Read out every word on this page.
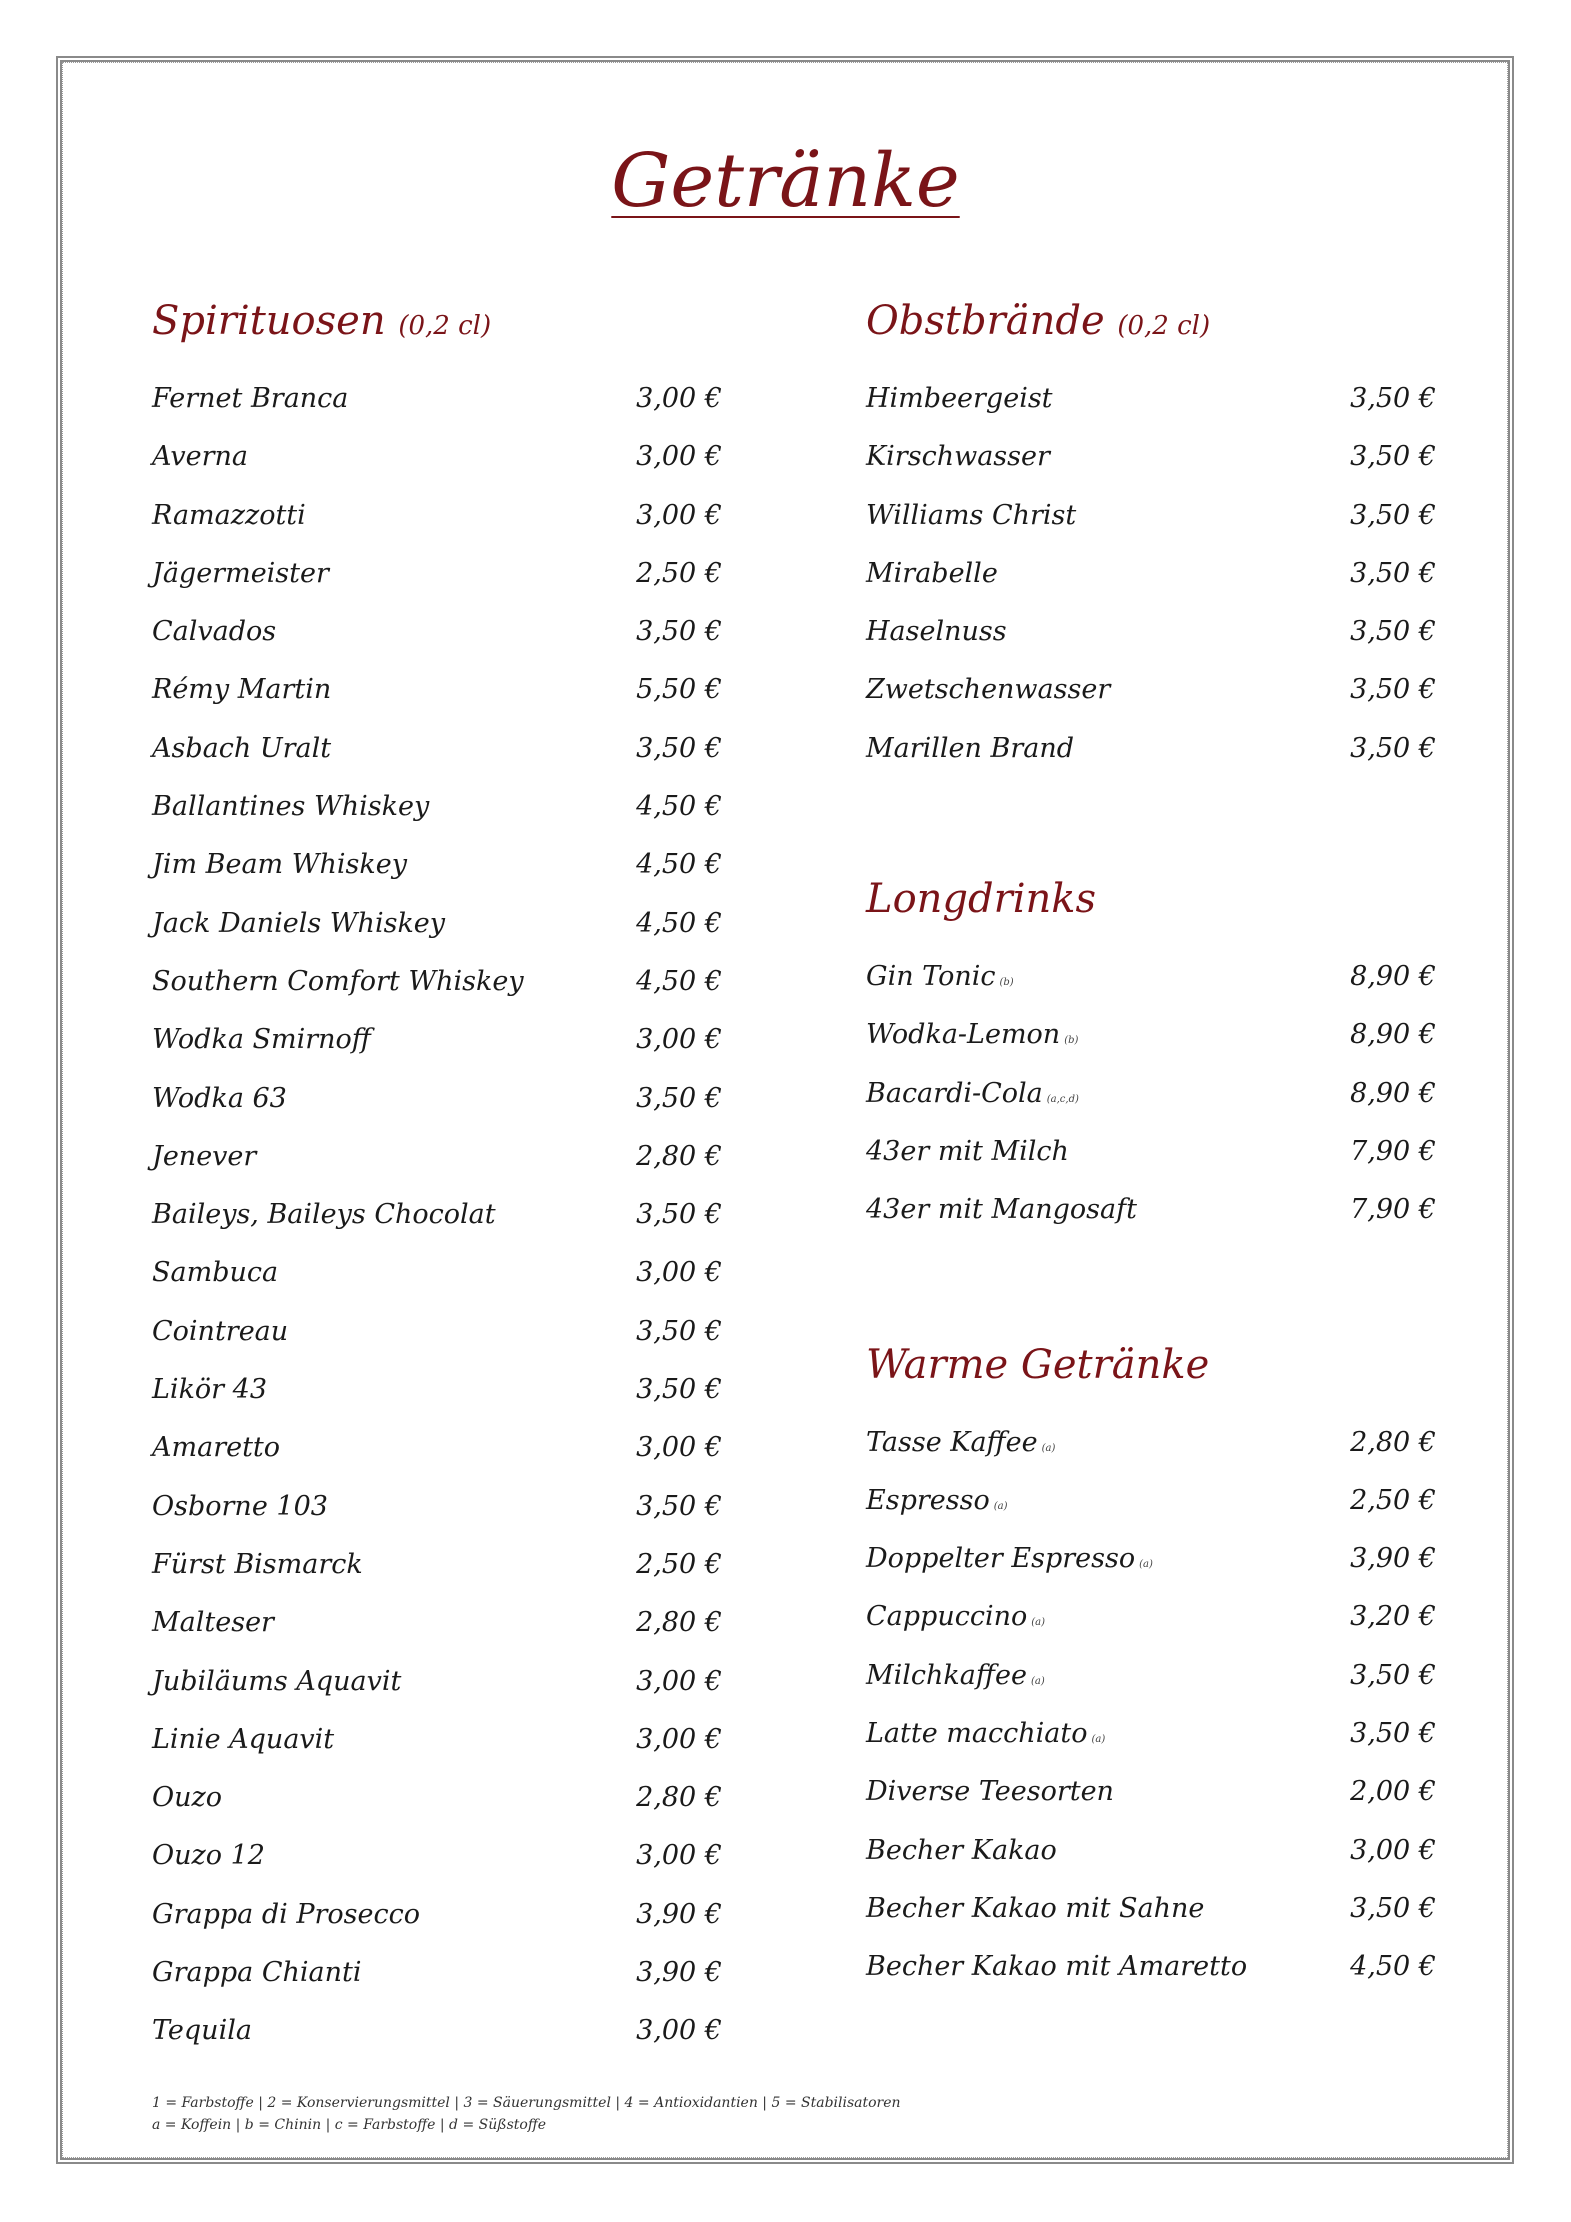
Getränke
Spirituosen (0,2 cl)
Fernet Branca	3,00 €
Averna	3,00 €
Ramazzotti	3,00 €
Jägermeister	2,50 €
Calvados	3,50 €
Rémy Martin	5,50 €
Asbach Uralt	3,50 €
Ballantines Whiskey	4,50 €
Jim Beam Whiskey	4,50 €
Jack Daniels Whiskey	4,50 €
Southern Comfort Whiskey	4,50 €
Wodka Smirnoff	3,00 €
Wodka 63	3,50 €
Jenever	2,80 €
Baileys, Baileys Chocolat	3,50 €
Sambuca	3,00 €
Cointreau	3,50 €
Likör 43	3,50 €
Amaretto	3,00 €
Osborne 103	3,50 €
Fürst Bismarck	2,50 €
Malteser	2,80 €
Jubiläums Aquavit	3,00 €
Linie Aquavit	3,00 €
Ouzo	2,80 €
Ouzo 12	3,00 €
Grappa di Prosecco	3,90 €
Grappa Chianti	3,90 €
Tequila	3,00 €
Obstbrände (0,2 cl)
Himbeergeist	3,50 €
Kirschwasser	3,50 €
Williams Christ	3,50 €
Mirabelle	3,50 €
Haselnuss	3,50 €
Zwetschenwasser	3,50 €
Marillen Brand	3,50 €
Longdrinks
Gin Tonic (b)	8,90 €
Wodka-Lemon (b)	8,90 €
Bacardi-Cola (a,c,d)	8,90 €
43er mit Milch	7,90 €
43er mit Mangosaft	7,90 €
Warme Getränke
Tasse Kaffee (a)	2,80 €
Espresso (a)	2,50 €
Doppelter Espresso (a)	3,90 €
Cappuccino (a)	3,20 €
Milchkaffee (a)	3,50 €
Latte macchiato (a)	3,50 €
Diverse Teesorten	2,00 €
Becher Kakao	3,00 €
Becher Kakao mit Sahne	3,50 €
Becher Kakao mit Amaretto	4,50 €
1 = Farbstoffe | 2 = Konservierungsmittel | 3 = Säuerungsmittel | 4 = Antioxidantien | 5 = Stabilisatoren
a = Koffein | b = Chinin | c = Farbstoffe | d = Süßstoffe
